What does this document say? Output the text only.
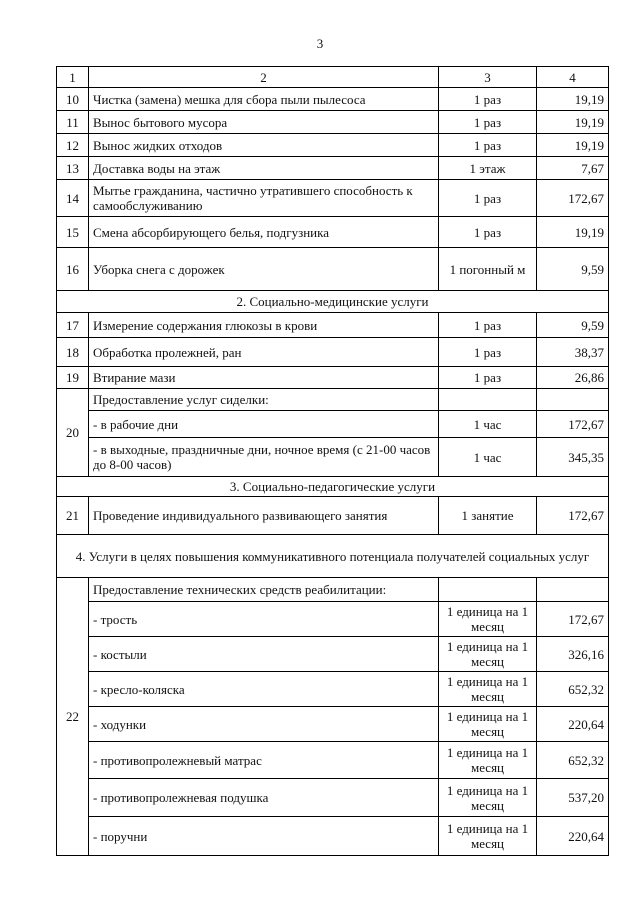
3
1	2	3	4
10	Чистка (замена) мешка для сбора пыли пылесоса	1 раз	19,19
11	Вынос бытового мусора	1 раз	19,19
12	Вынос жидких отходов	1 раз	19,19
13	Доставка воды на этаж	1 этаж	7,67
14	Мытье гражданина, частично утратившего способность к самообслуживанию	1 раз	172,67
15	Смена абсорбирующего белья, подгузника	1 раз	19,19
16	Уборка снега с дорожек	1 погонный м	9,59
2. Социально-медицинские услуги			
17	Измерение содержания глюкозы в крови	1 раз	9,59
18	Обработка пролежней, ран	1 раз	38,37
19	Втирание мази	1 раз	26,86
20	Предоставление услуг сиделки:		
	- в рабочие дни	1 час	172,67
	- в выходные, праздничные дни, ночное время (с 21-00 часов до 8-00 часов)	1 час	345,35
3. Социально-педагогические услуги			
21	Проведение индивидуального развивающего занятия	1 занятие	172,67
4. Услуги в целях повышения коммуникативного потенциала получателей социальных услуг			
22	Предоставление технических средств реабилитации:		
	- трость	1 единица на 1 месяц	172,67
	- костыли	1 единица на 1 месяц	326,16
	- кресло-коляска	1 единица на 1 месяц	652,32
	- ходунки	1 единица на 1 месяц	220,64
	- противопролежневый матрас	1 единица на 1 месяц	652,32
	- противопролежневая подушка	1 единица на 1 месяц	537,20
	- поручни	1 единица на 1 месяц	220,64
